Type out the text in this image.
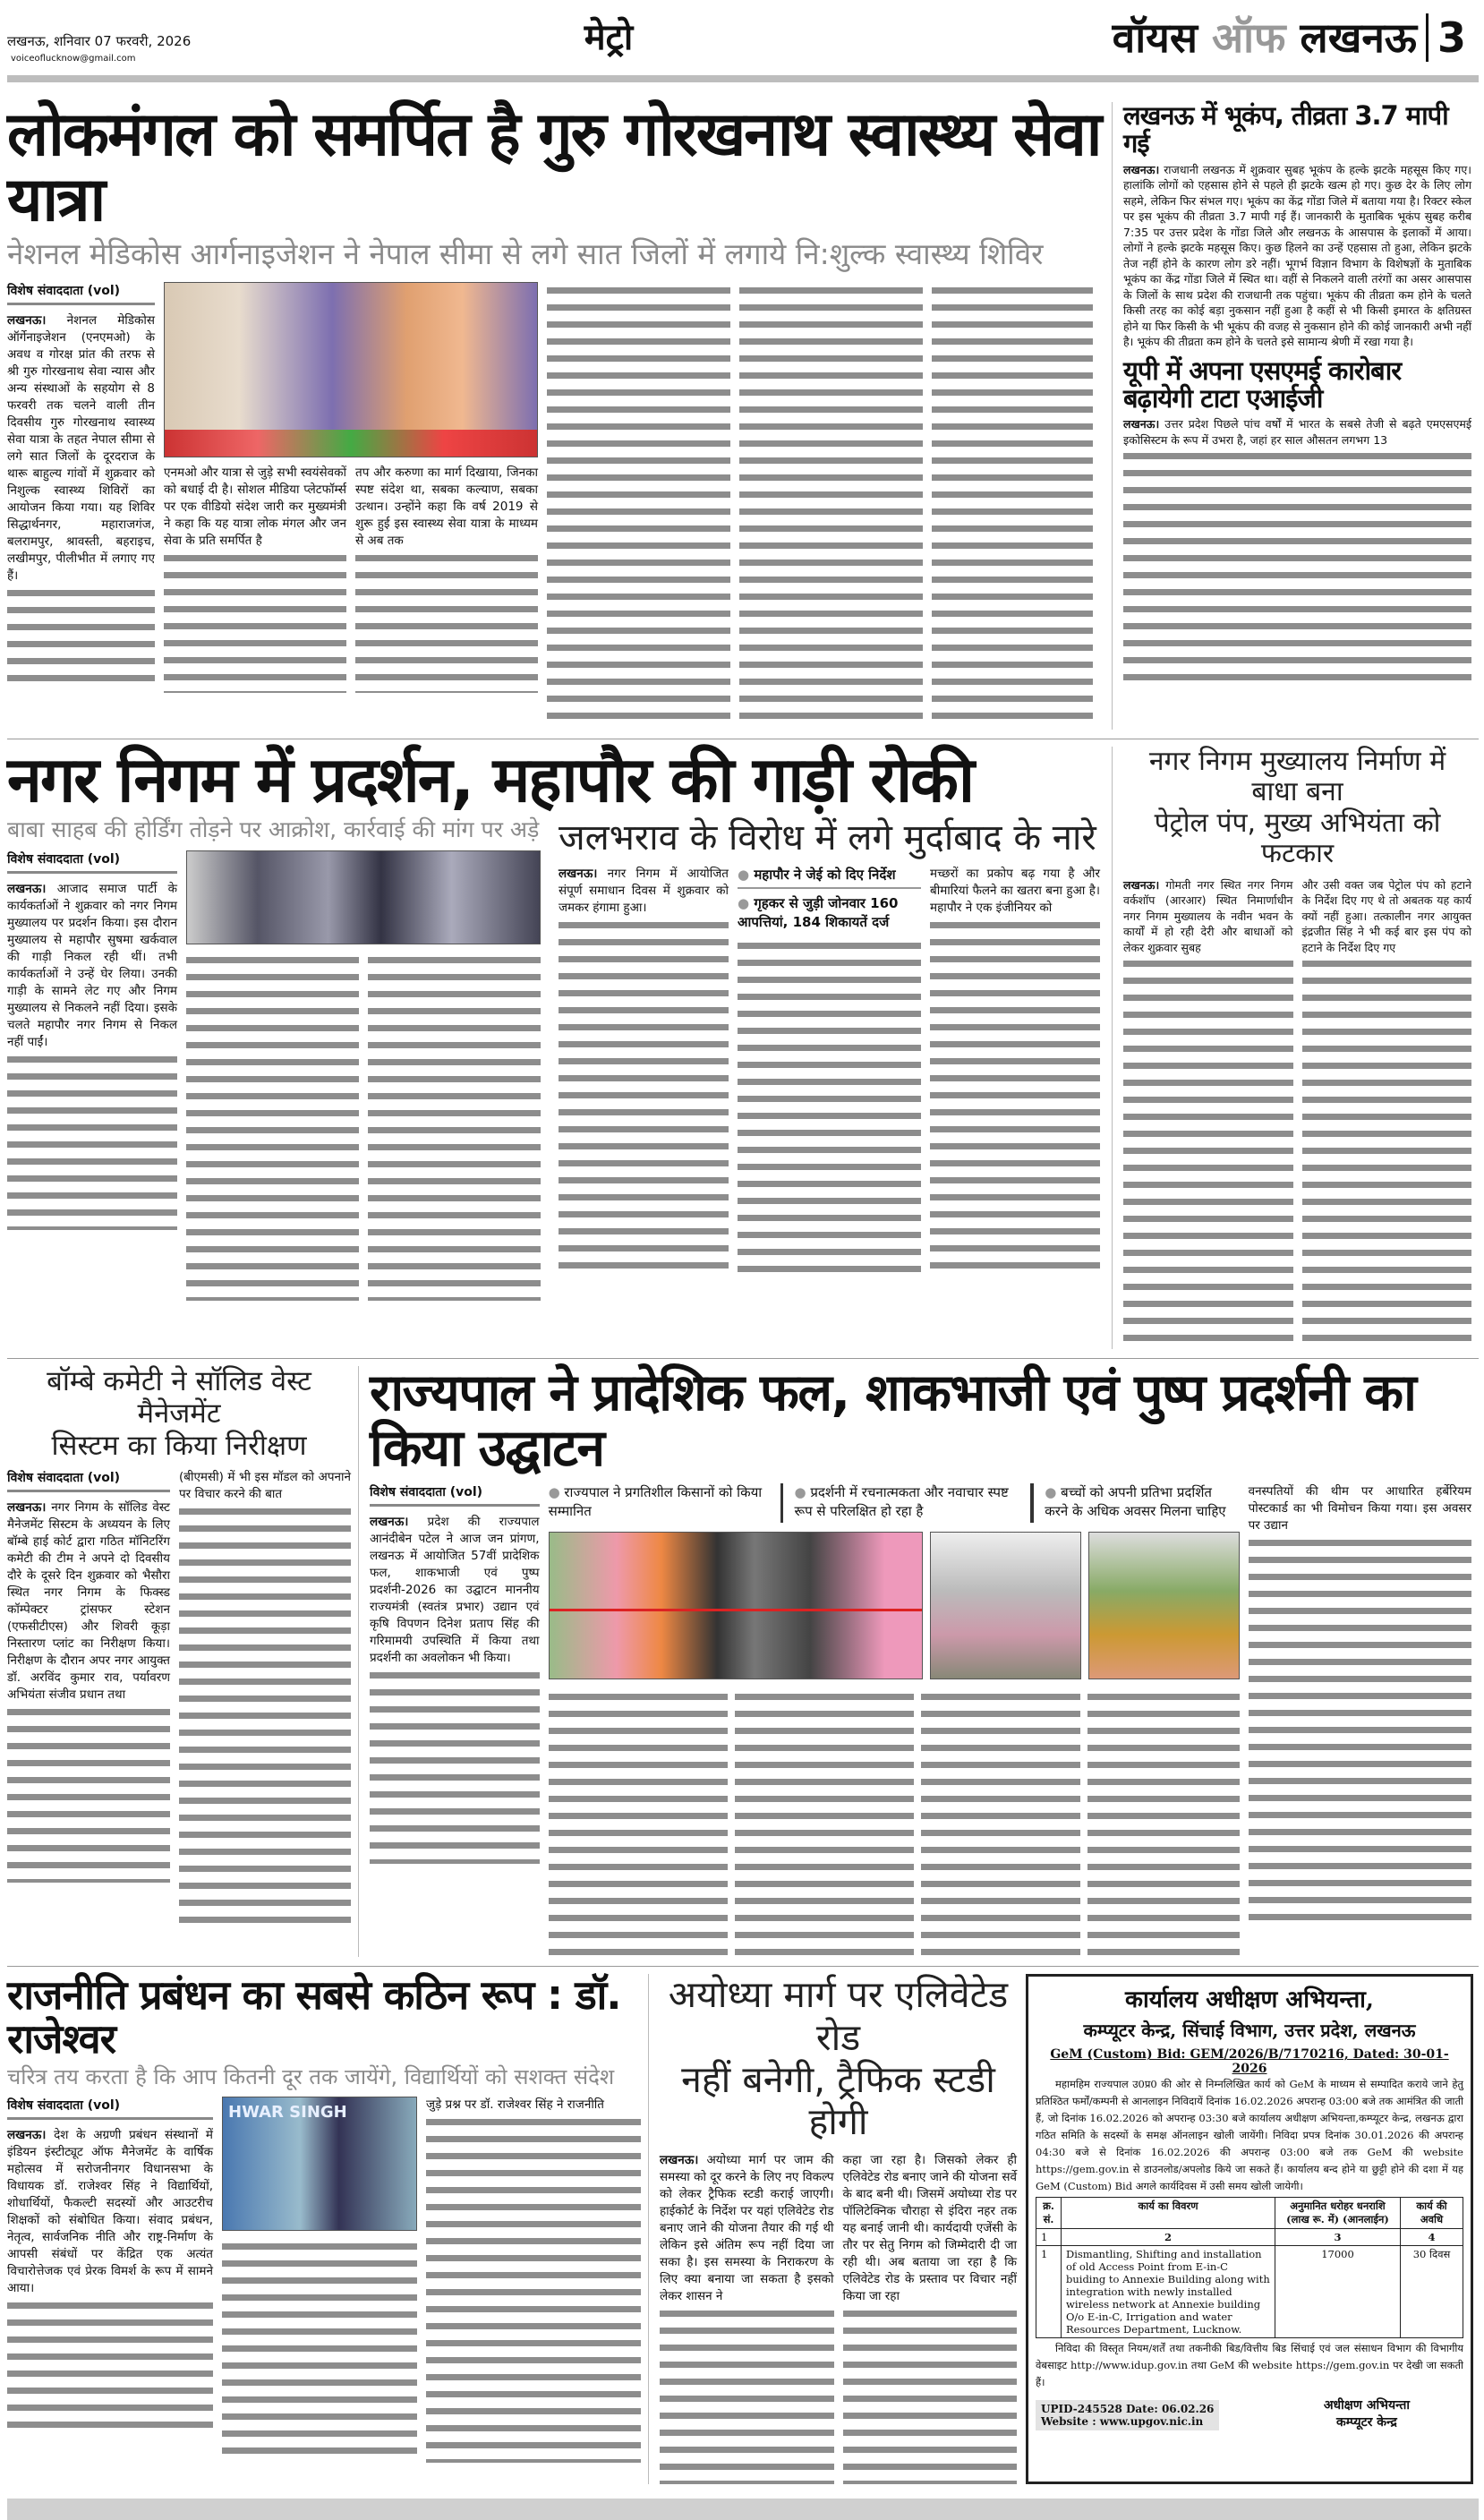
लखनऊ, शनिवार 07 फरवरी, 2026
voiceoflucknow@gmail.com
मेट्रो	वॉयस ऑफ लखनऊ 3
लोकमंगल को समर्पित है गुरु गोरखनाथ स्वास्थ्य सेवा यात्रा
नेशनल मेडिकोस आर्गनाइजेशन ने नेपाल सीमा से लगे सात जिलों में लगाये नि:शुल्क स्वास्थ्य शिविर
विशेष संवाददाता (vol)
लखनऊ। नेशनल मेडिकोस ऑर्गेनाइजेशन (एनएमओ) के अवध व गोरक्ष प्रांत की तरफ से श्री गुरु गोरखनाथ सेवा न्यास और अन्य संस्थाओं के सहयोग से 8 फरवरी तक चलने वाली तीन दिवसीय गुरु गोरखनाथ स्वास्थ्य सेवा यात्रा के तहत नेपाल सीमा से लगे सात जिलों के दूरदराज के थारू बाहुल्य गांवों में शुक्रवार को निशुल्क स्वास्थ्य शिविरों का आयोजन किया गया। यह शिविर सिद्धार्थनगर, महाराजगंज, बलरामपुर, श्रावस्ती, बहराइच, लखीमपुर, पीलीभीत में लगाए गए हैं।
एनमओ और यात्रा से जुड़े सभी स्वयंसेवकों को बधाई दी है। सोशल मीडिया प्लेटफॉर्म्स पर एक वीडियो संदेश जारी कर मुख्यमंत्री ने कहा कि यह यात्रा लोक मंगल और जन सेवा के प्रति समर्पित है
तप और करुणा का मार्ग दिखाया, जिनका स्पष्ट संदेश था, सबका कल्याण, सबका उत्थान। उन्होंने कहा कि वर्ष 2019 से शुरू हुई इस स्वास्थ्य सेवा यात्रा के माध्यम से अब तक
लखनऊ में भूकंप, तीव्रता 3.7 मापी गई
लखनऊ। राजधानी लखनऊ में शुक्रवार सुबह भूकंप के हल्के झटके महसूस किए गए। हालांकि लोगों को एहसास होने से पहले ही झटके खत्म हो गए। कुछ देर के लिए लोग सहमे, लेकिन फिर संभल गए। भूकंप का केंद्र गोंडा जिले में बताया गया है। रिक्टर स्केल पर इस भूकंप की तीव्रता 3.7 मापी गई हैं। जानकारी के मुताबिक भूकंप सुबह करीब 7:35 पर उत्तर प्रदेश के गोंडा जिले और लखनऊ के आसपास के इलाकों में आया। लोगों ने हल्के झटके महसूस किए। कुछ हिलने का उन्हें एहसास तो हुआ, लेकिन झटके तेज नहीं होने के कारण लोग डरे नहीं। भूगर्भ विज्ञान विभाग के विशेषज्ञों के मुताबिक भूकंप का केंद्र गोंडा जिले में स्थित था। वहीं से निकलने वाली तरंगों का असर आसपास के जिलों के साथ प्रदेश की राजधानी तक पहुंचा। भूकंप की तीव्रता कम होने के चलते किसी तरह का कोई बड़ा नुकसान नहीं हुआ है कहीं से भी किसी इमारत के क्षतिग्रस्त होने या फिर किसी के भी भूकंप की वजह से नुकसान होने की कोई जानकारी अभी नहीं है। भूकंप की तीव्रता कम होने के चलते इसे सामान्य श्रेणी में रखा गया है।
यूपी में अपना एसएमई कारोबार बढ़ायेगी टाटा एआईजी
लखनऊ। उत्तर प्रदेश पिछले पांच वर्षों में भारत के सबसे तेजी से बढ़ते एमएसएमई इकोसिस्टम के रूप में उभरा है, जहां हर साल औसतन लगभग 13
नगर निगम में प्रदर्शन, महापौर की गाड़ी रोकी
बाबा साहब की होर्डिंग तोड़ने पर आक्रोश, कार्रवाई की मांग पर अड़े
विशेष संवाददाता (vol)
लखनऊ। आजाद समाज पार्टी के कार्यकर्ताओं ने शुक्रवार को नगर निगम मुख्यालय पर प्रदर्शन किया। इस दौरान मुख्यालय से महापौर सुषमा खर्कवाल की गाड़ी निकल रही थीं। तभी कार्यकर्ताओं ने उन्हें घेर लिया। उनकी गाड़ी के सामने लेट गए और निगम मुख्यालय से निकलने नहीं दिया। इसके चलते महापौर नगर निगम से निकल नहीं पाईं।
जलभराव के विरोध में लगे मुर्दाबाद के नारे
लखनऊ। नगर निगम में आयोजित संपूर्ण समाधान दिवस में शुक्रवार को जमकर हंगामा हुआ।
● महापौर ने जेई को दिए निर्देश
● गृहकर से जुड़ी जोनवार 160 आपत्तियां, 184 शिकायतें दर्ज
मच्छरों का प्रकोप बढ़ गया है और बीमारियां फैलने का खतरा बना हुआ है। महापौर ने एक इंजीनियर को
नगर निगम मुख्यालय निर्माण में बाधा बना
पेट्रोल पंप, मुख्य अभियंता को फटकार
लखनऊ। गोमती नगर स्थित नगर निगम वर्कशॉप (आरआर) स्थित निमार्णाधीन नगर निगम मुख्यालय के नवीन भवन के कार्यों में हो रही देरी और बाधाओं को लेकर शुक्रवार सुबह
और उसी वक्त जब पेट्रोल पंप को हटाने के निर्देश दिए गए थे तो अबतक यह कार्य क्यों नहीं हुआ। तत्कालीन नगर आयुक्त इंद्रजीत सिंह ने भी कई बार इस पंप को हटाने के निर्देश दिए गए
बॉम्बे कमेटी ने सॉलिड वेस्ट मैनेजमेंट
सिस्टम का किया निरीक्षण
विशेष संवाददाता (vol)
लखनऊ। नगर निगम के सॉलिड वेस्ट मैनेजमेंट सिस्टम के अध्ययन के लिए बॉम्बे हाई कोर्ट द्वारा गठित मॉनिटरिंग कमेटी की टीम ने अपने दो दिवसीय दौरे के दूसरे दिन शुक्रवार को भैसौरा स्थित नगर निगम के फिक्स्ड कॉम्पेक्टर ट्रांसफर स्टेशन (एफसीटीएस) और शिवरी कूड़ा निस्तारण प्लांट का निरीक्षण किया। निरीक्षण के दौरान अपर नगर आयुक्त डॉ. अरविंद कुमार राव, पर्यावरण अभियंता संजीव प्रधान तथा
(बीएमसी) में भी इस मॉडल को अपनाने पर विचार करने की बात
राज्यपाल ने प्रादेशिक फल, शाकभाजी एवं पुष्प प्रदर्शनी का किया उद्घाटन
विशेष संवाददाता (vol)
लखनऊ। प्रदेश की राज्यपाल आनंदीबेन पटेल ने आज जन प्रांगण, लखनऊ में आयोजित 57वीं प्रादेशिक फल, शाकभाजी एवं पुष्प प्रदर्शनी-2026 का उद्घाटन माननीय राज्यमंत्री (स्वतंत्र प्रभार) उद्यान एवं कृषि विपणन दिनेश प्रताप सिंह की गरिमामयी उपस्थिति में किया तथा प्रदर्शनी का अवलोकन भी किया।
● राज्यपाल ने प्रगतिशील किसानों को किया सम्मानित
● प्रदर्शनी में रचनात्मकता और नवाचार स्पष्ट रूप से परिलक्षित हो रहा है
● बच्चों को अपनी प्रतिभा प्रदर्शित करने के अधिक अवसर मिलना चाहिए
वनस्पतियों की थीम पर आधारित हर्बेरियम पोस्टकार्ड का भी विमोचन किया गया। इस अवसर पर उद्यान
राजनीति प्रबंधन का सबसे कठिन रूप : डॉ. राजेश्वर
चरित्र तय करता है कि आप कितनी दूर तक जायेंगे, विद्यार्थियों को सशक्त संदेश
विशेष संवाददाता (vol)
लखनऊ। देश के अग्रणी प्रबंधन संस्थानों में इंडियन इंस्टीट्यूट ऑफ मैनेजमेंट के वार्षिक महोत्सव में सरोजनीनगर विधानसभा के विधायक डॉ. राजेश्वर सिंह ने विद्यार्थियों, शोधार्थियों, फैकल्टी सदस्यों और आउटरीच शिक्षकों को संबोधित किया। संवाद प्रबंधन, नेतृत्व, सार्वजनिक नीति और राष्ट्र-निर्माण के आपसी संबंधों पर केंद्रित एक अत्यंत विचारोत्तेजक एवं प्रेरक विमर्श के रूप में सामने आया।
HWAR SINGH	जुड़े प्रश्न पर डॉ. राजेश्वर सिंह ने राजनीति
अयोध्या मार्ग पर एलिवेटेड रोड
नहीं बनेगी, ट्रैफिक स्टडी होगी
लखनऊ। अयोध्या मार्ग पर जाम की समस्या को दूर करने के लिए नए विकल्प को लेकर ट्रैफिक स्टडी कराई जाएगी। हाईकोर्ट के निर्देश पर यहां एलिवेटेड रोड बनाए जाने की योजना तैयार की गई थी लेकिन इसे अंतिम रूप नहीं दिया जा सका है। इस समस्या के निराकरण के लिए क्या बनाया जा सकता है इसको लेकर शासन ने
कहा जा रहा है। जिसको लेकर ही एलिवेटेड रोड बनाए जाने की योजना सर्वे के बाद बनी थी। जिसमें अयोध्या रोड पर पॉलिटेक्निक चौराहा से इंदिरा नहर तक यह बनाई जानी थी। कार्यदायी एजेंसी के तौर पर सेतु निगम को जिम्मेदारी दी जा रही थी। अब बताया जा रहा है कि एलिवेटेड रोड के प्रस्ताव पर विचार नहीं किया जा रहा
कार्यालय अधीक्षण अभियन्ता,
कम्प्यूटर केन्द्र, सिंचाई विभाग, उत्तर प्रदेश, लखनऊ
GeM (Custom) Bid: GEM/2026/B/7170216, Dated: 30-01-2026

महामहिम राज्यपाल उ0प्र0 की ओर से निम्नलिखित कार्य को GeM के माध्यम से सम्पादित कराये जाने हेतु प्रतिश्ठित फर्मों/कम्पनी से आनलाइन निविदायें दिनांक 16.02.2026 अपरान्ह 03:00 बजे तक आमंत्रित की जाती हैं, जो दिनांक 16.02.2026 को अपरान्ह 03:30 बजे कार्यालय अधीक्षण अभियन्ता,कम्प्यूटर केन्द्र, लखनऊ द्वारा गठित समिति के सदस्यों के समक्ष ऑनलाइन खोली जायेंगी। निविदा प्रपत्र दिनांक 30.01.2026 की अपरान्ह 04:30 बजे से दिनांक 16.02.2026 की अपरान्ह 03:00 बजे तक GeM की website https://gem.gov.in से डाउनलोड/अपलोड किये जा सकते हैं। कार्यालय बन्द होने या छुट्टी होने की दशा में यह GeM (Custom) Bid अगले कार्यदिवस में उसी समय खोली जायेगी।

क्र. सं.	कार्य का विवरण	अनुमानित धरोहर धनराशि (लाख रू. में) (आनलाईन)	कार्य की अवधि
1	2	3	4
1	Dismantling, Shifting and installation of old Access Point from E-in-C buiding to Annexie Building along with integration with newly installed wireless network at Annexie building O/o E-in-C, Irrigation and water Resources Department, Lucknow.	17000	30 दिवस

निविदा की विस्तृत नियम/शर्तें तथा तकनीकी बिड/वित्तीय बिड सिंचाई एवं जल संसाधन विभाग की विभागीय वेबसाइट http://www.idup.gov.in तथा GeM की website https://gem.gov.in पर देखी जा सकती हैं।

UPID-245528 Date: 06.02.26
Website : www.upgov.nic.in
अधीक्षण अभियन्ता
कम्प्यूटर केन्द्र
